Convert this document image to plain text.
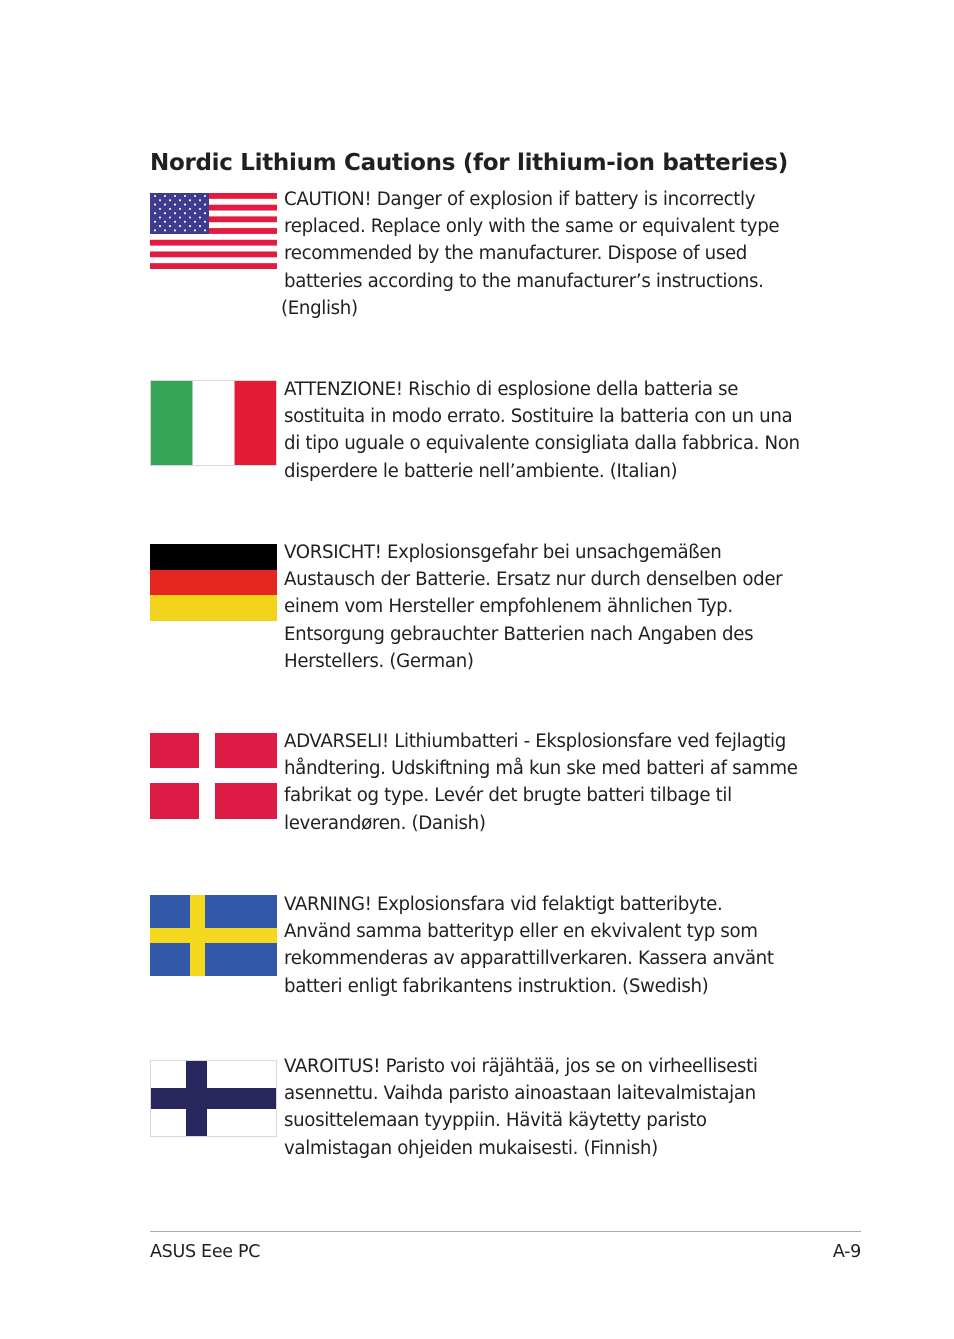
Nordic Lithium Cautions (for lithium-ion batteries)

CAUTION! Danger of explosion if battery is incorrectly
replaced. Replace only with the same or equivalent type
recommended by the manufacturer. Dispose of used
batteries according to the manufacturer’s instructions.
(English)

ATTENZIONE! Rischio di esplosione della batteria se
sostituita in modo errato. Sostituire la batteria con un una
di tipo uguale o equivalente consigliata dalla fabbrica. Non
disperdere le batterie nell’ambiente. (Italian)

VORSICHT! Explosionsgefahr bei unsachgemäßen
Austausch der Batterie. Ersatz nur durch denselben oder
einem vom Hersteller empfohlenem ähnlichen Typ.
Entsorgung gebrauchter Batterien nach Angaben des
Herstellers. (German)

ADVARSELI! Lithiumbatteri - Eksplosionsfare ved fejlagtig
håndtering. Udskiftning må kun ske med batteri af samme
fabrikat og type. Levér det brugte batteri tilbage til
leverandøren. (Danish)

VARNING! Explosionsfara vid felaktigt batteribyte.
Använd samma batterityp eller en ekvivalent typ som
rekommenderas av apparattillverkaren. Kassera använt
batteri enligt fabrikantens instruktion. (Swedish)

VAROITUS! Paristo voi räjähtää, jos se on virheellisesti
asennettu. Vaihda paristo ainoastaan laitevalmistajan
suosittelemaan tyyppiin. Hävitä käytetty paristo
valmistagan ohjeiden mukaisesti. (Finnish)

ASUS Eee PC	A-9
